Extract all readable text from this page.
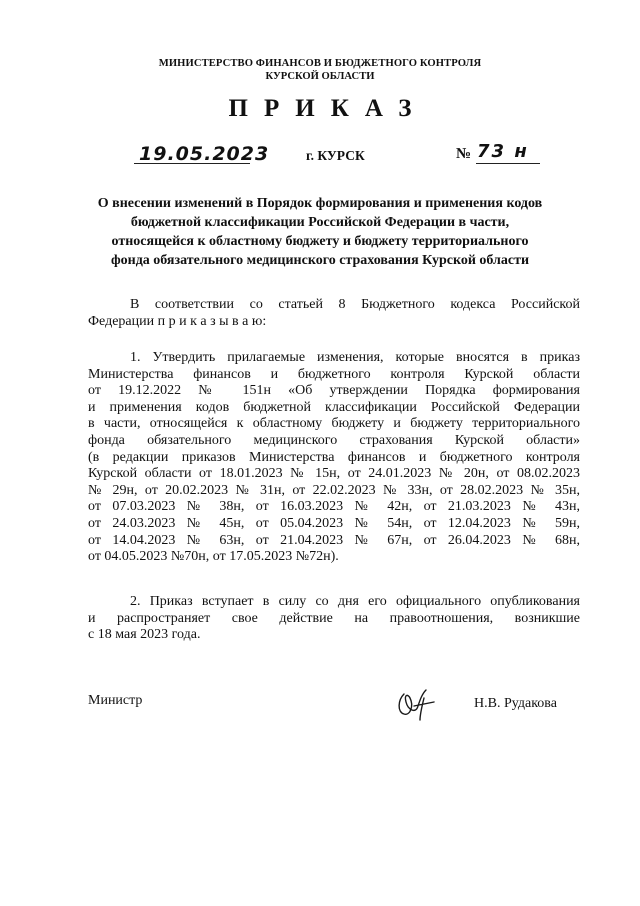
МИНИСТЕРСТВО ФИНАНСОВ И БЮДЖЕТНОГО КОНТРОЛЯ
КУРСКОЙ ОБЛАСТИ
ПРИКАЗ
19.05.2023	г. КУРСК	№ 73 н
О внесении изменений в Порядок формирования и применения кодов
бюджетной классификации Российской Федерации в части,
относящейся к областному бюджету и бюджету территориального
фонда обязательного медицинского страхования Курской области
В соответствии со статьей 8 Бюджетного кодекса Российской
Федерации п р и к а з ы в а ю:
1. Утвердить прилагаемые изменения, которые вносятся в приказ
Министерства финансов и бюджетного контроля Курской области
от 19.12.2022 № 151н «Об утверждении Порядка формирования
и применения кодов бюджетной классификации Российской Федерации
в части, относящейся к областному бюджету и бюджету территориального
фонда обязательного медицинского страхования Курской области»
(в редакции приказов Министерства финансов и бюджетного контроля
Курской области от 18.01.2023 № 15н, от 24.01.2023 № 20н, от 08.02.2023
№ 29н, от 20.02.2023 № 31н, от 22.02.2023 № 33н, от 28.02.2023 № 35н,
от 07.03.2023 № 38н, от 16.03.2023 № 42н, от 21.03.2023 № 43н,
от 24.03.2023 № 45н, от 05.04.2023 № 54н, от 12.04.2023 № 59н,
от 14.04.2023 № 63н, от 21.04.2023 № 67н, от 26.04.2023 № 68н,
от 04.05.2023 №70н, от 17.05.2023 №72н).
2. Приказ вступает в силу со дня его официального опубликования
и распространяет свое действие на правоотношения, возникшие
с 18 мая 2023 года.
Министр	Н.В. Рудакова
